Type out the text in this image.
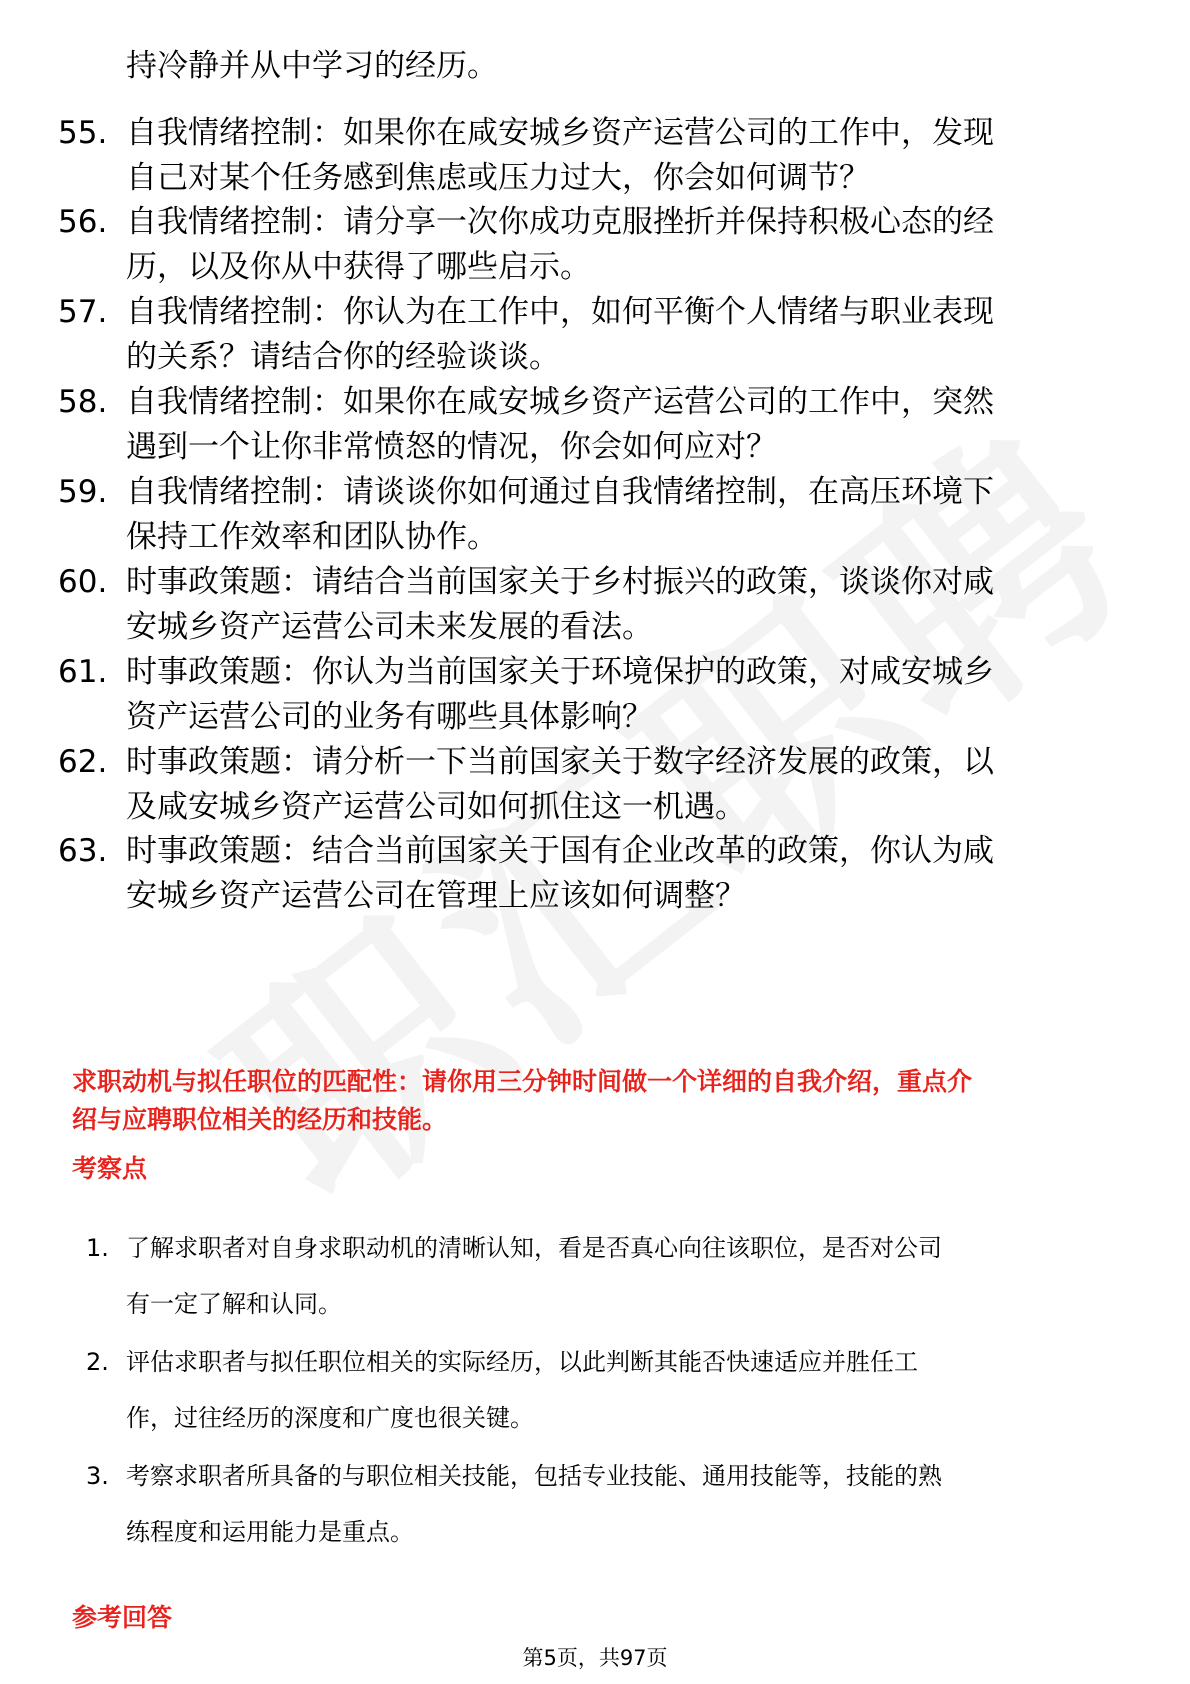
持冷静并从中学习的经历。
55. 自我情绪控制：如果你在咸安城乡资产运营公司的工作中，发现
自己对某个任务感到焦虑或压力过大，你会如何调节？
56. 自我情绪控制：请分享一次你成功克服挫折并保持积极心态的经
历，以及你从中获得了哪些启示。
57. 自我情绪控制：你认为在工作中，如何平衡个人情绪与职业表现
的关系？请结合你的经验谈谈。
58. 自我情绪控制：如果你在咸安城乡资产运营公司的工作中，突然
遇到一个让你非常愤怒的情况，你会如何应对？
59. 自我情绪控制：请谈谈你如何通过自我情绪控制，在高压环境下
保持工作效率和团队协作。
60. 时事政策题：请结合当前国家关于乡村振兴的政策，谈谈你对咸
安城乡资产运营公司未来发展的看法。
61. 时事政策题：你认为当前国家关于环境保护的政策，对咸安城乡
资产运营公司的业务有哪些具体影响？
62. 时事政策题：请分析一下当前国家关于数字经济发展的政策，以
及咸安城乡资产运营公司如何抓住这一机遇。
63. 时事政策题：结合当前国家关于国有企业改革的政策，你认为咸
安城乡资产运营公司在管理上应该如何调整？
求职动机与拟任职位的匹配性：请你用三分钟时间做一个详细的自我介绍，重点介
绍与应聘职位相关的经历和技能。
考察点
1. 了解求职者对自身求职动机的清晰认知，看是否真心向往该职位，是否对公司
有一定了解和认同。
2. 评估求职者与拟任职位相关的实际经历，以此判断其能否快速适应并胜任工
作，过往经历的深度和广度也很关键。
3. 考察求职者所具备的与职位相关技能，包括专业技能、通用技能等，技能的熟
练程度和运用能力是重点。
参考回答
第5页，共97页
